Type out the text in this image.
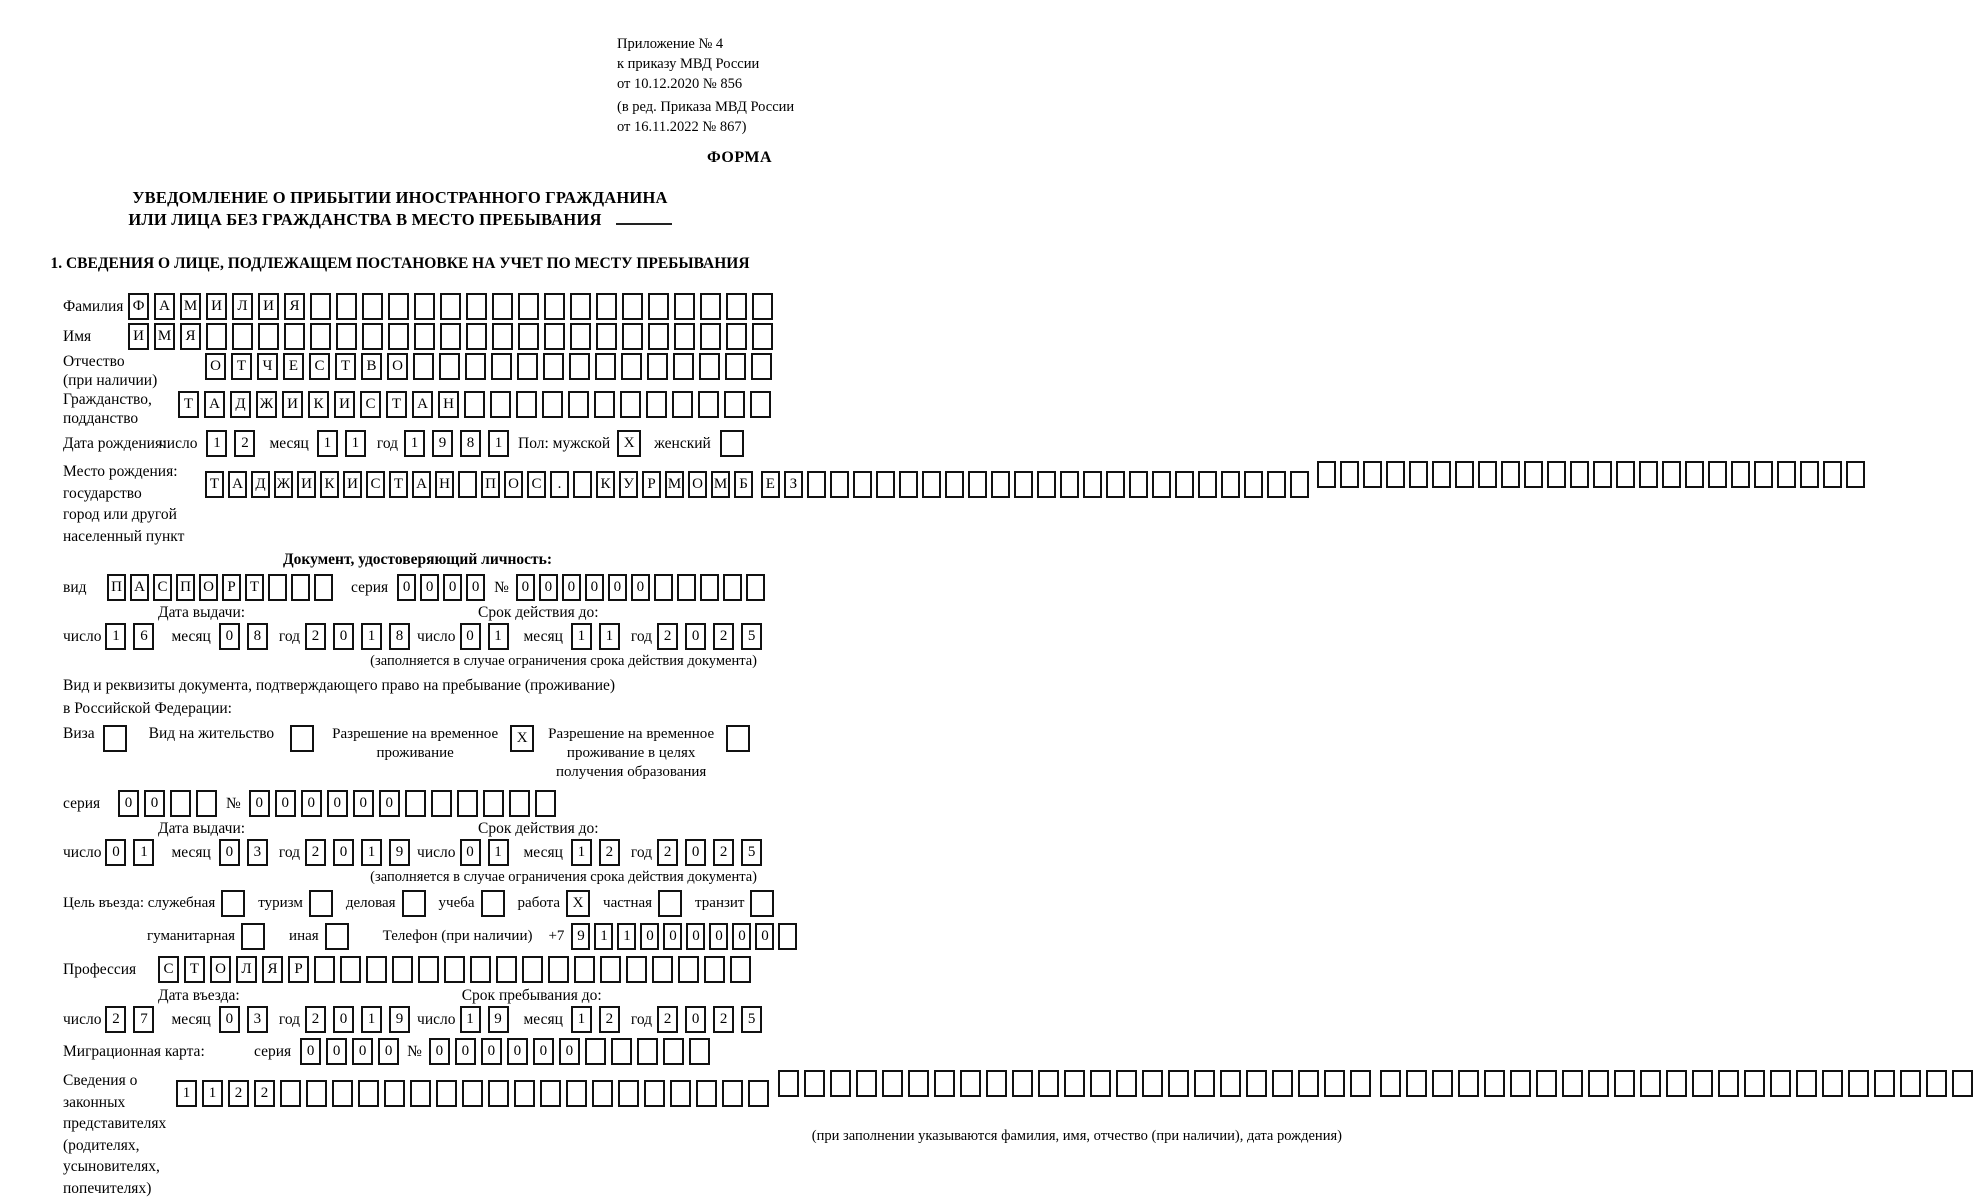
Приложение № 4
к приказу МВД России
от 10.12.2020 № 856
(в ред. Приказа МВД России
от 16.11.2022 № 867)
ФОРМА
УВЕДОМЛЕНИЕ О ПРИБЫТИИ ИНОСТРАННОГО ГРАЖДАНИНА
ИЛИ ЛИЦА БЕЗ ГРАЖДАНСТВА В МЕСТО ПРЕБЫВАНИЯ
1. СВЕДЕНИЯ О ЛИЦЕ, ПОДЛЕЖАЩЕМ ПОСТАНОВКЕ НА УЧЕТ ПО МЕСТУ ПРЕБЫВАНИЯ
Фамилия Ф А М И	Л	И	Я
Имя	И М Я
Отчество
(при наличии)
О	Т	Ч	Е	С	Т	В	О
Гражданство,
подданство
Т	А	Д Ж И	К	И	С	Т	А	Н
Дата рождения:
число	1	2	месяц 1	1	год 1	9	8	1	Пол: мужской X	женский
Место рождения:
государство
город или другой
населенный пункт
Т А Д Ж И К И С Т А Н П О С	.	К У Р М О М Б
	Е З

Документ, удостоверяющий личность:
вид	П А С П О Р Т	серия 0	0	0	0 № 0	0	0	0	0	0
Дата выдачи:	Срок действия до:
число 1	6	месяц 0	8	год 2	0	1	8 число 0	1	месяц 1	1	год 2	0	2	5
(заполняется в случае ограничения срока действия документа)
Вид и реквизиты документа, подтверждающего право на пребывание (проживание)
в Российской Федерации:
Виза	Вид на жительство	Разрешение на временное
проживание
X	Разрешение на временное
проживание в целях
получения образования
серия	0	0	№ 0	0	0	0	0	0
Дата выдачи:	Срок действия до:
число 0	1	месяц 0	3	год 2	0	1	9 число 0	1	месяц 1	2	год 2	0	2	5
(заполняется в случае ограничения срока действия документа)
Цель въезда: служебная	туризм	деловая	учеба	работа X	частная	транзит
гуманитарная	иная	Телефон (при наличии) +7 9	1	1	0	0	0	0	0	0
Профессия	С	Т	О	Л	Я	Р
Дата въезда:	Срок пребывания до:
число 2	7	месяц 0	3	год 2	0	1	9 число 1	9	месяц 1	2	год 2	0	2	5
Миграционная карта:	серия	0	0	0	0 № 0	0	0	0	0	0
Сведения о
законных
представителях
(родителях,
усыновителях,
попечителях)
1	1	2	2

(при заполнении указываются фамилия, имя, отчество (при наличии), дата рождения)
